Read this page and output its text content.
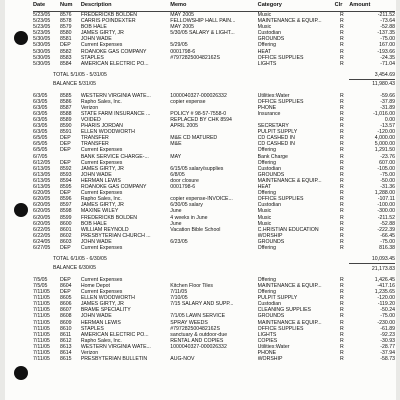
Date	Num	Description	Memo	Category	Clr	Amount
5/23/05	8576	FREDERICKB BOLDEN	MAY 2005	Music	R	-211.52
5/23/05	8578	CARRIS POINDEXTER	FELLOWSHIP HALL PAIN...	MAINTENANCE & EQUIP...	R	-73.64
5/23/05	8579	BOB HALE	MAY 2005	Music	R	-52.88
5/23/05	8580	JAMES GIRTY, JR	5/30/05 SALARY & LIGHT...	Custodian	R	-137.35
5/30/05	8581	JOHN WADE		GROUNDS	R	-75.00
5/30/05	DEP	Current Expenses	5/29/05	Offering	R	167.00
5/30/05	8582	ROANOKE GAS COMPANY	0001798-6	HEAT	R	-193.66
5/30/05	8583	STAPLES	#797282500482162S	OFFICE SUPPLIES	R	-24.35
5/30/05	8584	AMERICAN ELECTRIC PO...		LIGHTS	R	-71.04

TOTAL 5/1/05 - 5/31/05						3,454.69
BALANCE 5/31/05						11,980.43

6/3/05	8585	WESTERN VIRGINIA WATE...	1000040327-000026332	Utilities:Water	R	-59.66
6/3/05	8586	Rapho Sales, Inc.	copier expense	OFFICE SUPPLIES	R	-37.89
6/3/05	8587	Verizon		PHONE	R	-31.89
6/3/05	8588	STATE FARM INSURANCE ...	POLICY # 98-57-7558-0	Insurance	R	-1,016.00
6/3/05	8589	VOIDED	REPLACED BY CHK 8594		R	0.00
6/3/05	8590	PHARIS JORDAN	APRIL 2005	SECRETARY	R	-13.57
6/3/05	8591	ELLEN WOODWORTH		PULPIT SUPPLY	R	-120.00
6/5/05	DEP	TRANSFER	M&E CD MATURED	CD CASHED IN	R	4,000.00
6/5/05	DEP	TRANSFER	M&E	CD CASHED IN	R	5,000.00
6/5/05	DEP	Current Expenses		Offering	R	1,291.50
6/7/05		BANK SERVICE CHARGE-...	MAY	Bank Charge	R	-23.76
6/12/05	DEP	Current Expenses		Offering	R	607.00
6/13/05	8592	JAMES GIRTY, JR	6/15/05 salary/supplies	Custodian	R	-105.00
6/13/05	8593	JOHN WADE	6/8/05	GROUNDS	R	-75.00
6/13/05	8594	HERMAN LEWIS	door closure	MAINTENANCE & EQUIP...	R	-50.00
6/13/05	8595	ROANOKE GAS COMPANY	0001798-6	HEAT	R	-31.36
6/20/05	DEP	Current Expenses		Offering	R	1,288.00
6/20/05	8596	Rapho Sales, Inc.	copier expense-INVOICE...	OFFICE SUPPLIES	R	-107.11
6/20/05	8597	JAMES GIRTY, JR	6/30/05 salary	Custodian	R	-100.00
6/20/05	8598	MAXINE WILEY	June	Music	R	-300.00
6/20/05	8599	FREDERICKB BOLDEN	4 weeks in June	Music	R	-211.52
6/20/05	8600	BOB HALE	June	Music	R	-52.88
6/22/05	8601	WILLIAM REYNOLD	Vacation Bible School	C.HRISTIAN EDUCATION	R	-222.39
6/22/05	8602	PRESBYTERIAN CHURCH ...		WORSHIP	R	-66.45
6/24/05	8603	JOHN WADE	6/23/05	GROUNDS	R	-75.00
6/27/05	DEP	Current Expenses		Offering	R	816.38

TOTAL 6/1/05 - 6/30/05						10,093.45
BALANCE 6/30/05						21,173.83

7/5/05	DEP	Current Expenses		Offering	R	1,426.45
7/5/05	8604	Home Depot	Kitchen Floor Tiles	MAINTENANCE & EQUIP...	R	-417.16
7/11/05	DEP	Current Expenses	7/11/05	Offering	R	1,235.65
7/11/05	8605	ELLEN WOODWORTH	7/10/05	PULPIT SUPPLY	R	-120.00
7/11/05	8606	JAMES GIRTY, JR	7/15 SALARY AND SUPP...	Custodian	R	-119.20
7/11/05	8607	BRAME SPECIALITY		CLEANING SUPPLIES	R	-50.24
7/11/05	8608	JOHN WADE	7/1/05 LAWN SERVICE	GROUNDS	R	-75.00
7/11/05	8609	HERMAN LEWIS	SPRAY WEEDS	MAINTENANCE & EQUIP...	R	-230.00
7/11/05	8610	STAPLES	#797282500482162S	OFFICE SUPPLIES	R	-61.89
7/11/05	8611	AMERICAN ELECTRIC PO...	sanctuary & outdoor-due	LIGHTS	R	-92.23
7/11/05	8612	Rapho Sales, Inc.	RENTAL AND COPIES	COPIES	R	-30.93
7/11/05	8613	WESTERN VIRGINIA WATE...	1000040327-000026332	Utilities:Water	R	-28.77
7/11/05	8614	Verizon		PHONE	R	-37.94
7/11/05	8615	PRESBYTERIAN BULLETIN	AUG-NOV	WORSHIP	R	-58.73
